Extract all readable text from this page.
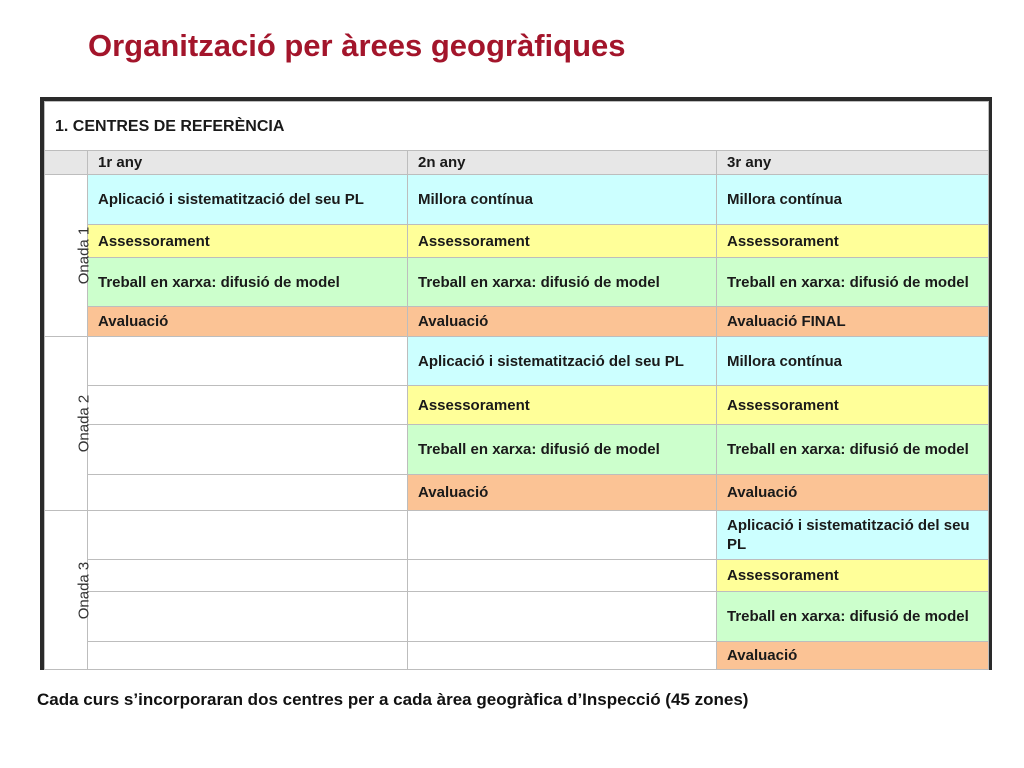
Organització per àrees geogràfiques
1. CENTRES DE REFERÈNCIA			
	1r any	2n any	3r any
Onada 1	Aplicació i sistematització del seu PL	Millora contínua	Millora contínua
	Assessorament	Assessorament	Assessorament
	Treball en xarxa: difusió de model	Treball en xarxa: difusió de model	Treball en xarxa: difusió de model
	Avaluació	Avaluació	Avaluació FINAL
Onada 2		Aplicació i sistematització del seu PL	Millora contínua
		Assessorament	Assessorament
		Treball en xarxa: difusió de model	Treball en xarxa: difusió de model
		Avaluació	Avaluació
Onada 3			Aplicació i sistematització del seu PL
			Assessorament
			Treball en xarxa: difusió de model
			Avaluació

Cada curs s’incorporaran dos centres per a cada àrea geogràfica d’Inspecció (45 zones)
